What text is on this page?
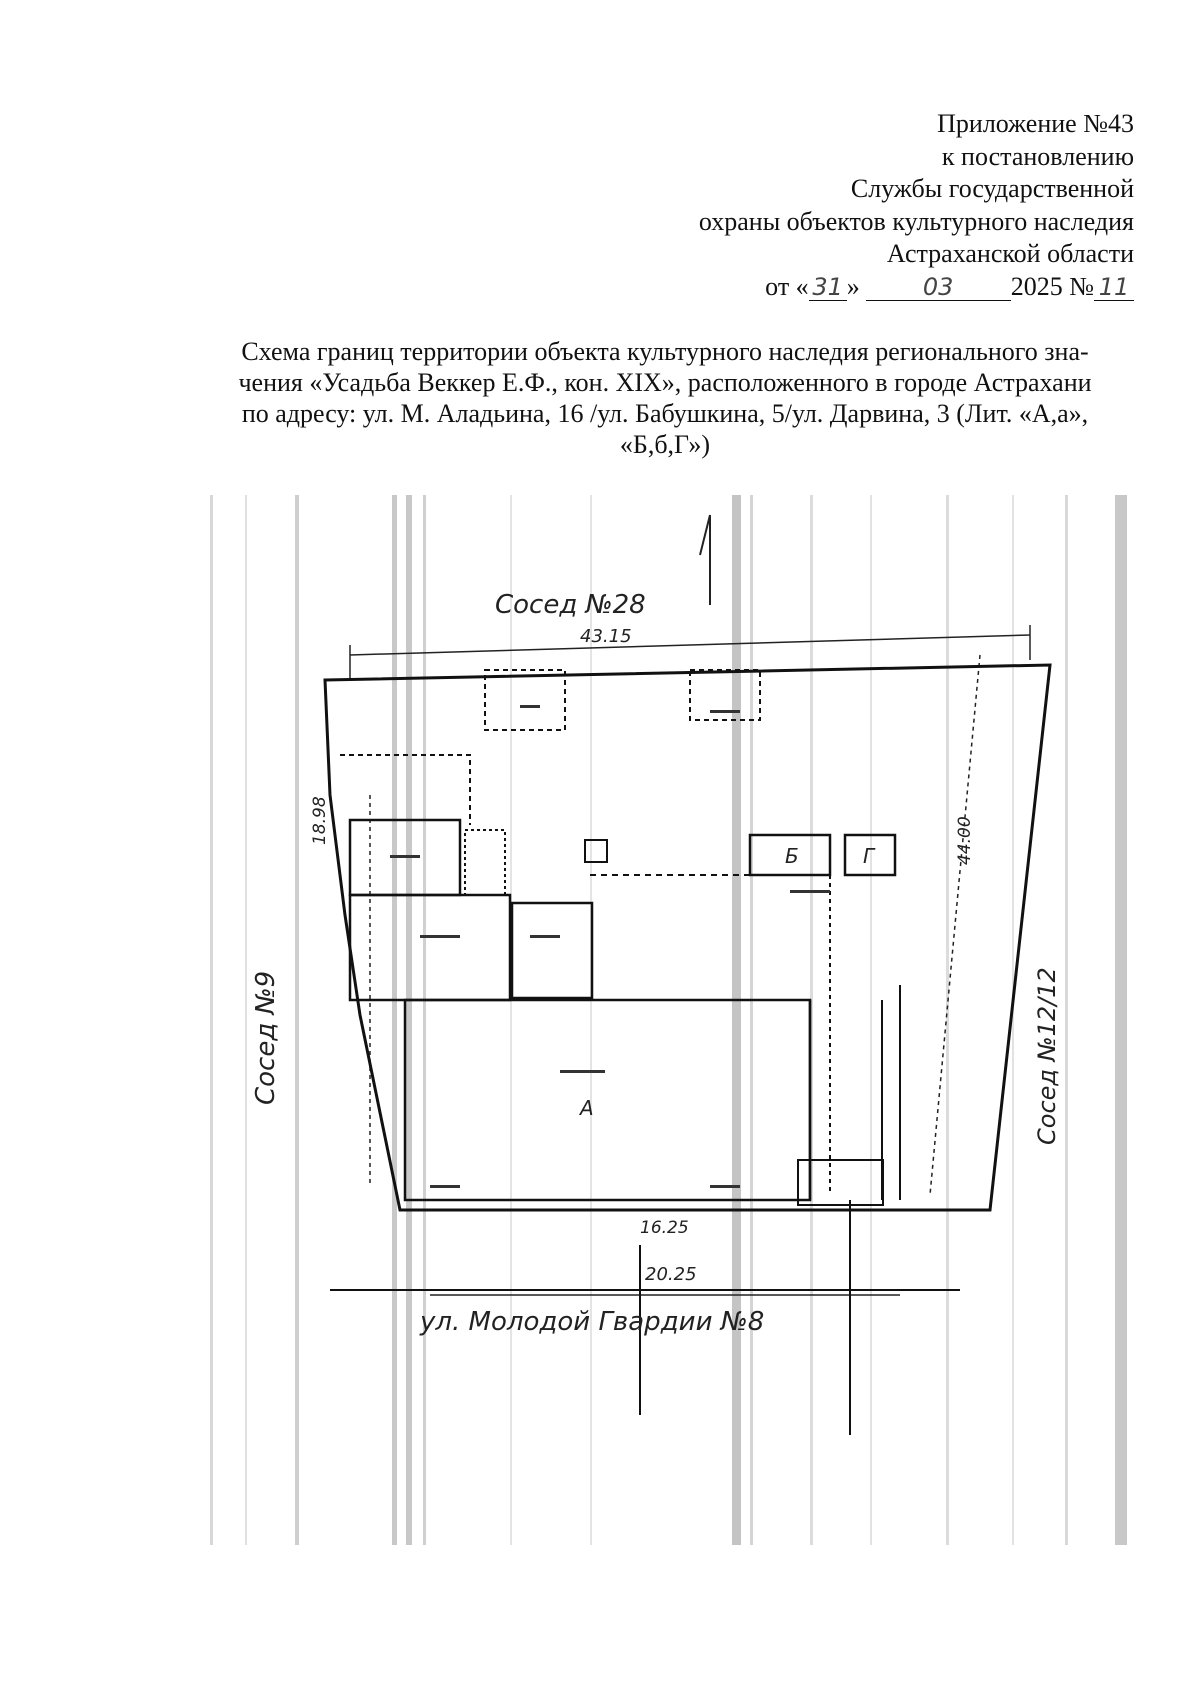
Приложение №43
к постановлению
Службы государственной
охраны объектов культурного наследия
Астраханской области
от « 31 »	03 2025 № 11
Схема границ территории объекта культурного наследия регионального зна-
чения «Усадьба Веккер Е.Ф., кон. XIX», расположенного в городе Астрахани
по адресу: ул. М. Аладьина, 16 /ул. Бабушкина, 5/ул. Дарвина, 3 (Лит. «А,а»,
«Б,б,Г»)
Сосед №28
43.15
20.25
16.25
ул. Молодой Гвардии №8
Сосед №9	Сосед №12/12
18.98	44.00
А
Б	Г
